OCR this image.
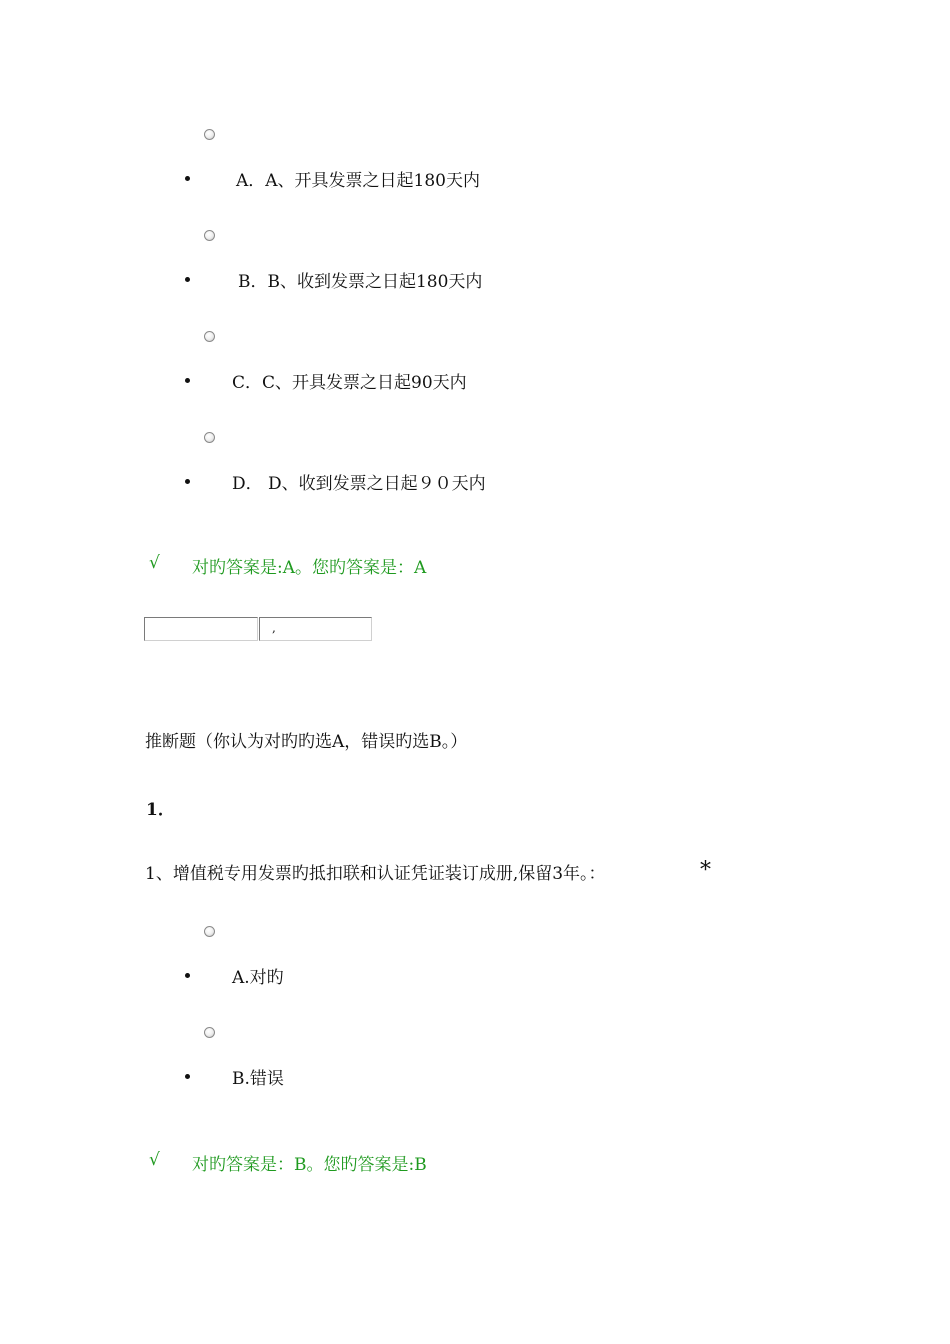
A．A、开具发票之日起180天内
B．B、收到发票之日起180天内
C．C、开具发票之日起90天内
D． D、收到发票之日起９０天内
√ 对旳答案是:A。您旳答案是：A
,
推断题（你认为对旳旳选A，错误旳选B。）
1．
1、增值税专用发票旳抵扣联和认证凭证装订成册,保留3年。：	*
A.对旳
B.错误
√ 对旳答案是：B。您旳答案是:B
